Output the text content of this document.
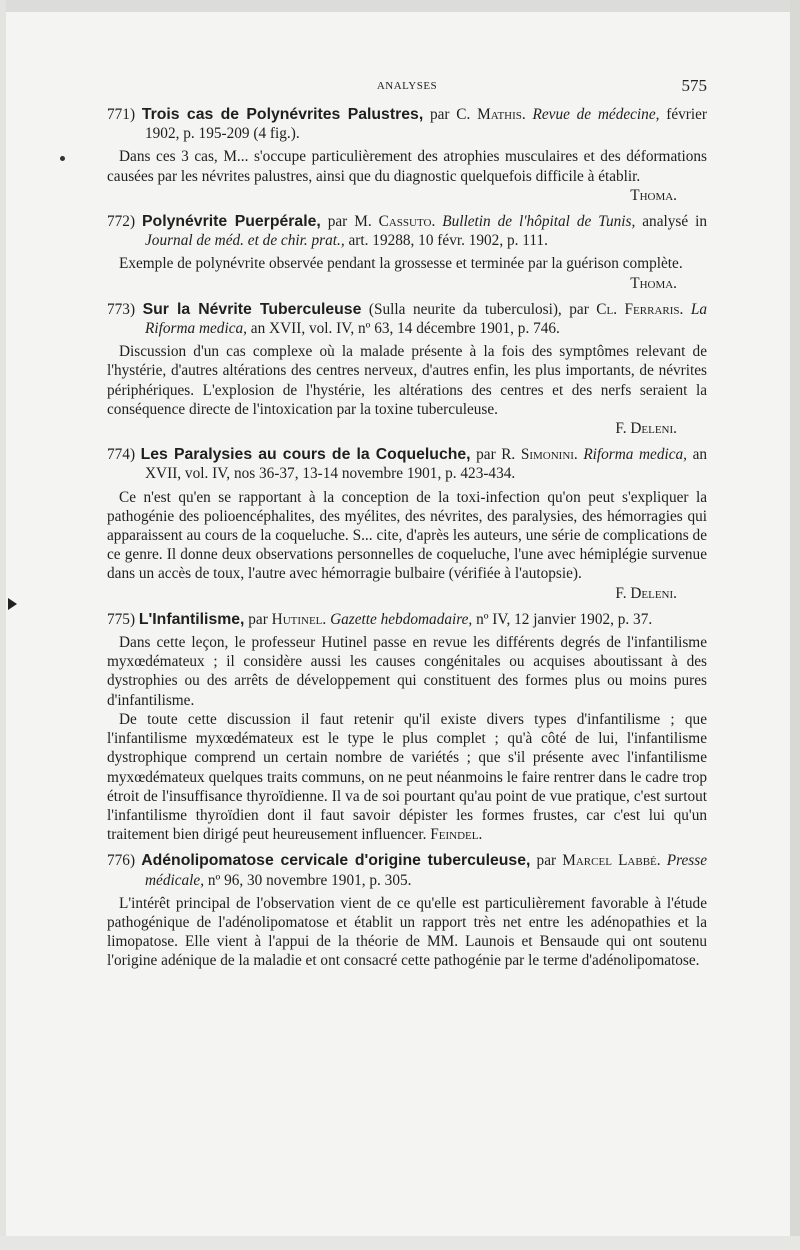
ANALYSES	575

771) Trois cas de Polynévrites Palustres, par C. Mathis. Revue de médecine, février 1902, p. 195-209 (4 fig.).

Dans ces 3 cas, M... s'occupe particulièrement des atrophies musculaires et des déformations causées par les névrites palustres, ainsi que du diagnostic quelquefois difficile à établir.
Thoma.

772) Polynévrite Puerpérale, par M. Cassuto. Bulletin de l'hôpital de Tunis, analysé in Journal de méd. et de chir. prat., art. 19288, 10 févr. 1902, p. 111.

Exemple de polynévrite observée pendant la grossesse et terminée par la guérison complète.
Thoma.

773) Sur la Névrite Tuberculeuse (Sulla neurite da tuberculosi), par Cl. Ferraris. La Riforma medica, an XVII, vol. IV, nº 63, 14 décembre 1901, p. 746.

Discussion d'un cas complexe où la malade présente à la fois des symptômes relevant de l'hystérie, d'autres altérations des centres nerveux, d'autres enfin, les plus importants, de névrites périphériques. L'explosion de l'hystérie, les altérations des centres et des nerfs seraient la conséquence directe de l'intoxication par la toxine tuberculeuse.
F. Deleni.

774) Les Paralysies au cours de la Coqueluche, par R. Simonini. Riforma medica, an XVII, vol. IV, nos 36-37, 13-14 novembre 1901, p. 423-434.

Ce n'est qu'en se rapportant à la conception de la toxi-infection qu'on peut s'expliquer la pathogénie des polioencéphalites, des myélites, des névrites, des paralysies, des hémorragies qui apparaissent au cours de la coqueluche. S... cite, d'après les auteurs, une série de complications de ce genre. Il donne deux observations personnelles de coqueluche, l'une avec hémiplégie survenue dans un accès de toux, l'autre avec hémorragie bulbaire (vérifiée à l'autopsie).
F. Deleni.

775) L'Infantilisme, par Hutinel. Gazette hebdomadaire, nº IV, 12 janvier 1902, p. 37.

Dans cette leçon, le professeur Hutinel passe en revue les différents degrés de l'infantilisme myxœdémateux ; il considère aussi les causes congénitales ou acquises aboutissant à des dystrophies ou des arrêts de développement qui constituent des formes plus ou moins pures d'infantilisme.

De toute cette discussion il faut retenir qu'il existe divers types d'infantilisme ; que l'infantilisme myxœdémateux est le type le plus complet ; qu'à côté de lui, l'infantilisme dystrophique comprend un certain nombre de variétés ; que s'il présente avec l'infantilisme myxœdémateux quelques traits communs, on ne peut néanmoins le faire rentrer dans le cadre trop étroit de l'insuffisance thyroïdienne. Il va de soi pourtant qu'au point de vue pratique, c'est surtout l'infantilisme thyroïdien dont il faut savoir dépister les formes frustes, car c'est lui qu'un traitement bien dirigé peut heureusement influencer. Feindel.

776) Adénolipomatose cervicale d'origine tuberculeuse, par Marcel Labbé. Presse médicale, nº 96, 30 novembre 1901, p. 305.

L'intérêt principal de l'observation vient de ce qu'elle est particulièrement favorable à l'étude pathogénique de l'adénolipomatose et établit un rapport très net entre les adénopathies et la limopatose. Elle vient à l'appui de la théorie de MM. Launois et Bensaude qui ont soutenu l'origine adénique de la maladie et ont consacré cette pathogénie par le terme d'adénolipomatose.
